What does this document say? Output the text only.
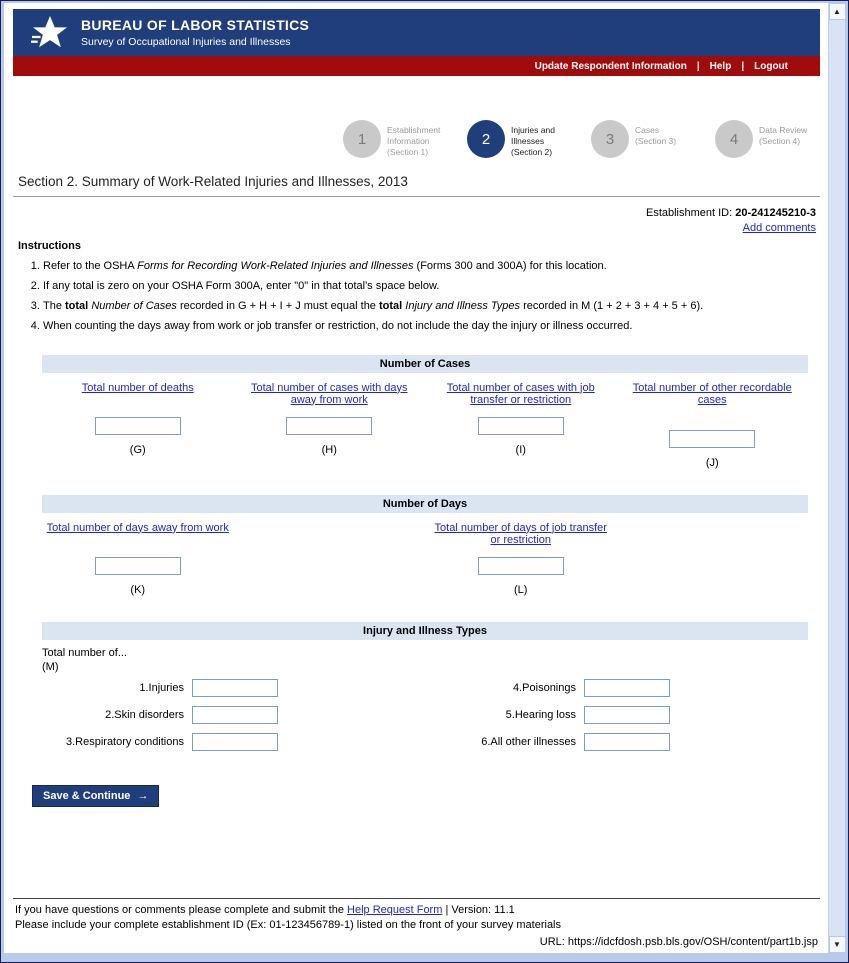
BUREAU OF LABOR STATISTICS
Survey of Occupational Injuries and Illnesses
Update Respondent Information | Help | Logout
1
Establishment Information (Section 1)
2
Injuries and Illnesses (Section 2)
3
Cases (Section 3)	4
Data Review (Section 4)
Section 2. Summary of Work-Related Injuries and Illnesses, 2013
Establishment ID: 20-241245210-3
Add comments
Instructions
1. Refer to the OSHA Forms for Recording Work-Related Injuries and Illnesses (Forms 300 and 300A) for this location.
2. If any total is zero on your OSHA Form 300A, enter "0" in that total's space below.
3. The total Number of Cases recorded in G + H + I + J must equal the total Injury and Illness Types recorded in M (1 + 2 + 3 + 4 + 5 + 6).
4. When counting the days away from work or job transfer or restriction, do not include the day the injury or illness occurred.
Number of Cases
Total number of deaths
(G)
Total number of cases with days away from work
(H)
Total number of cases with job transfer or restriction
(I)
Total number of other recordable cases
(J)
Number of Days
Total number of days away from work
(K)
Total number of days of job transfer or restriction
(L)
Injury and Illness Types
Total number of...
(M)
1.Injuries	4.Poisonings
2.Skin disorders	5.Hearing loss
3.Respiratory conditions	6.All other illnesses
Save & Continue →
If you have questions or comments please complete and submit the Help Request Form | Version: 11.1
Please include your complete establishment ID (Ex: 01-123456789-1) listed on the front of your survey materials
URL: https://idcfdosh.psb.bls.gov/OSH/content/part1b.jsp
▲
▼
